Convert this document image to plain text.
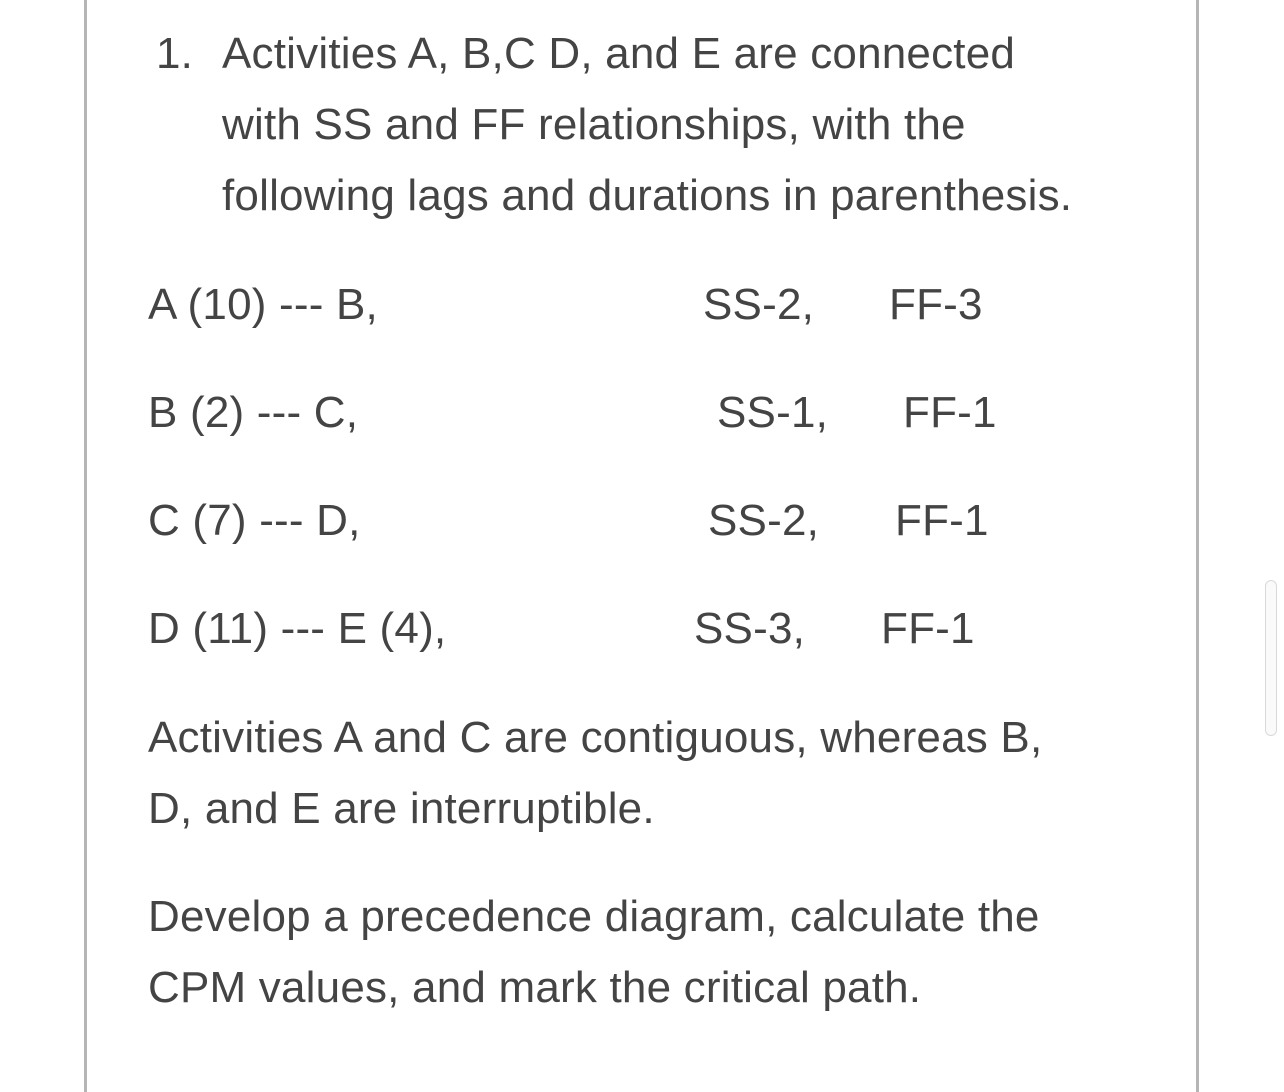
1. Activities A, B,C D, and E are connected
with SS and FF relationships, with the
following lags and durations in parenthesis.
A (10) --- B,	SS-2, FF-3
B (2) --- C,	SS-1, FF-1
C (7) --- D,	SS-2, FF-1
D (11) --- E (4),	SS-3, FF-1
Activities A and C are contiguous, whereas B,
D, and E are interruptible.
Develop a precedence diagram, calculate the
CPM values, and mark the critical path.
